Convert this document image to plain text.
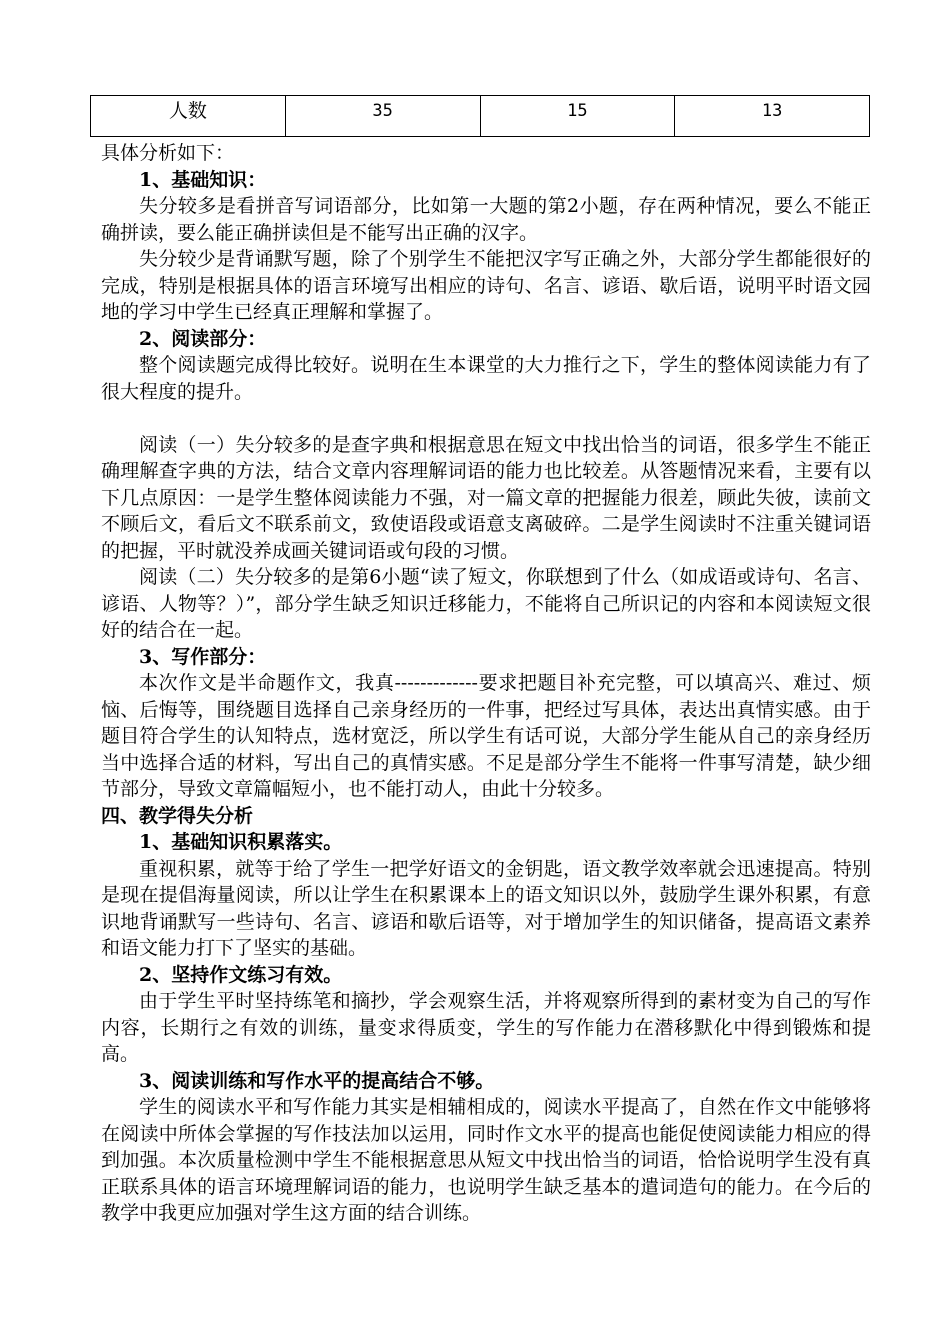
人数	35	15	13

具体分析如下：

1、基础知识：

失分较多是看拼音写词语部分，比如第一大题的第2小题，存在两种情况，要么不能正确拼读，要么能正确拼读但是不能写出正确的汉字。

失分较少是背诵默写题，除了个别学生不能把汉字写正确之外，大部分学生都能很好的完成，特别是根据具体的语言环境写出相应的诗句、名言、谚语、歇后语，说明平时语文园地的学习中学生已经真正理解和掌握了。

2、阅读部分：

整个阅读题完成得比较好。说明在生本课堂的大力推行之下，学生的整体阅读能力有了很大程度的提升。

阅读（一）失分较多的是查字典和根据意思在短文中找出恰当的词语，很多学生不能正确理解查字典的方法，结合文章内容理解词语的能力也比较差。从答题情况来看，主要有以下几点原因：一是学生整体阅读能力不强，对一篇文章的把握能力很差，顾此失彼，读前文不顾后文，看后文不联系前文，致使语段或语意支离破碎。二是学生阅读时不注重关键词语的把握，平时就没养成画关键词语或句段的习惯。

阅读（二）失分较多的是第6小题“读了短文，你联想到了什么（如成语或诗句、名言、谚语、人物等？）”，部分学生缺乏知识迁移能力，不能将自己所识记的内容和本阅读短文很好的结合在一起。

3、写作部分：

本次作文是半命题作文，我真-------------要求把题目补充完整，可以填高兴、难过、烦恼、后悔等，围绕题目选择自己亲身经历的一件事，把经过写具体，表达出真情实感。由于题目符合学生的认知特点，选材宽泛，所以学生有话可说，大部分学生能从自己的亲身经历当中选择合适的材料，写出自己的真情实感。不足是部分学生不能将一件事写清楚，缺少细节部分，导致文章篇幅短小，也不能打动人，由此十分较多。

四、教学得失分析

1、基础知识积累落实。

重视积累，就等于给了学生一把学好语文的金钥匙，语文教学效率就会迅速提高。特别是现在提倡海量阅读，所以让学生在积累课本上的语文知识以外，鼓励学生课外积累，有意识地背诵默写一些诗句、名言、谚语和歇后语等，对于增加学生的知识储备，提高语文素养和语文能力打下了坚实的基础。

2、坚持作文练习有效。

由于学生平时坚持练笔和摘抄，学会观察生活，并将观察所得到的素材变为自己的写作内容，长期行之有效的训练，量变求得质变，学生的写作能力在潜移默化中得到锻炼和提高。

3、阅读训练和写作水平的提高结合不够。

学生的阅读水平和写作能力其实是相辅相成的，阅读水平提高了，自然在作文中能够将在阅读中所体会掌握的写作技法加以运用，同时作文水平的提高也能促使阅读能力相应的得到加强。本次质量检测中学生不能根据意思从短文中找出恰当的词语，恰恰说明学生没有真正联系具体的语言环境理解词语的能力，也说明学生缺乏基本的遣词造句的能力。在今后的教学中我更应加强对学生这方面的结合训练。
